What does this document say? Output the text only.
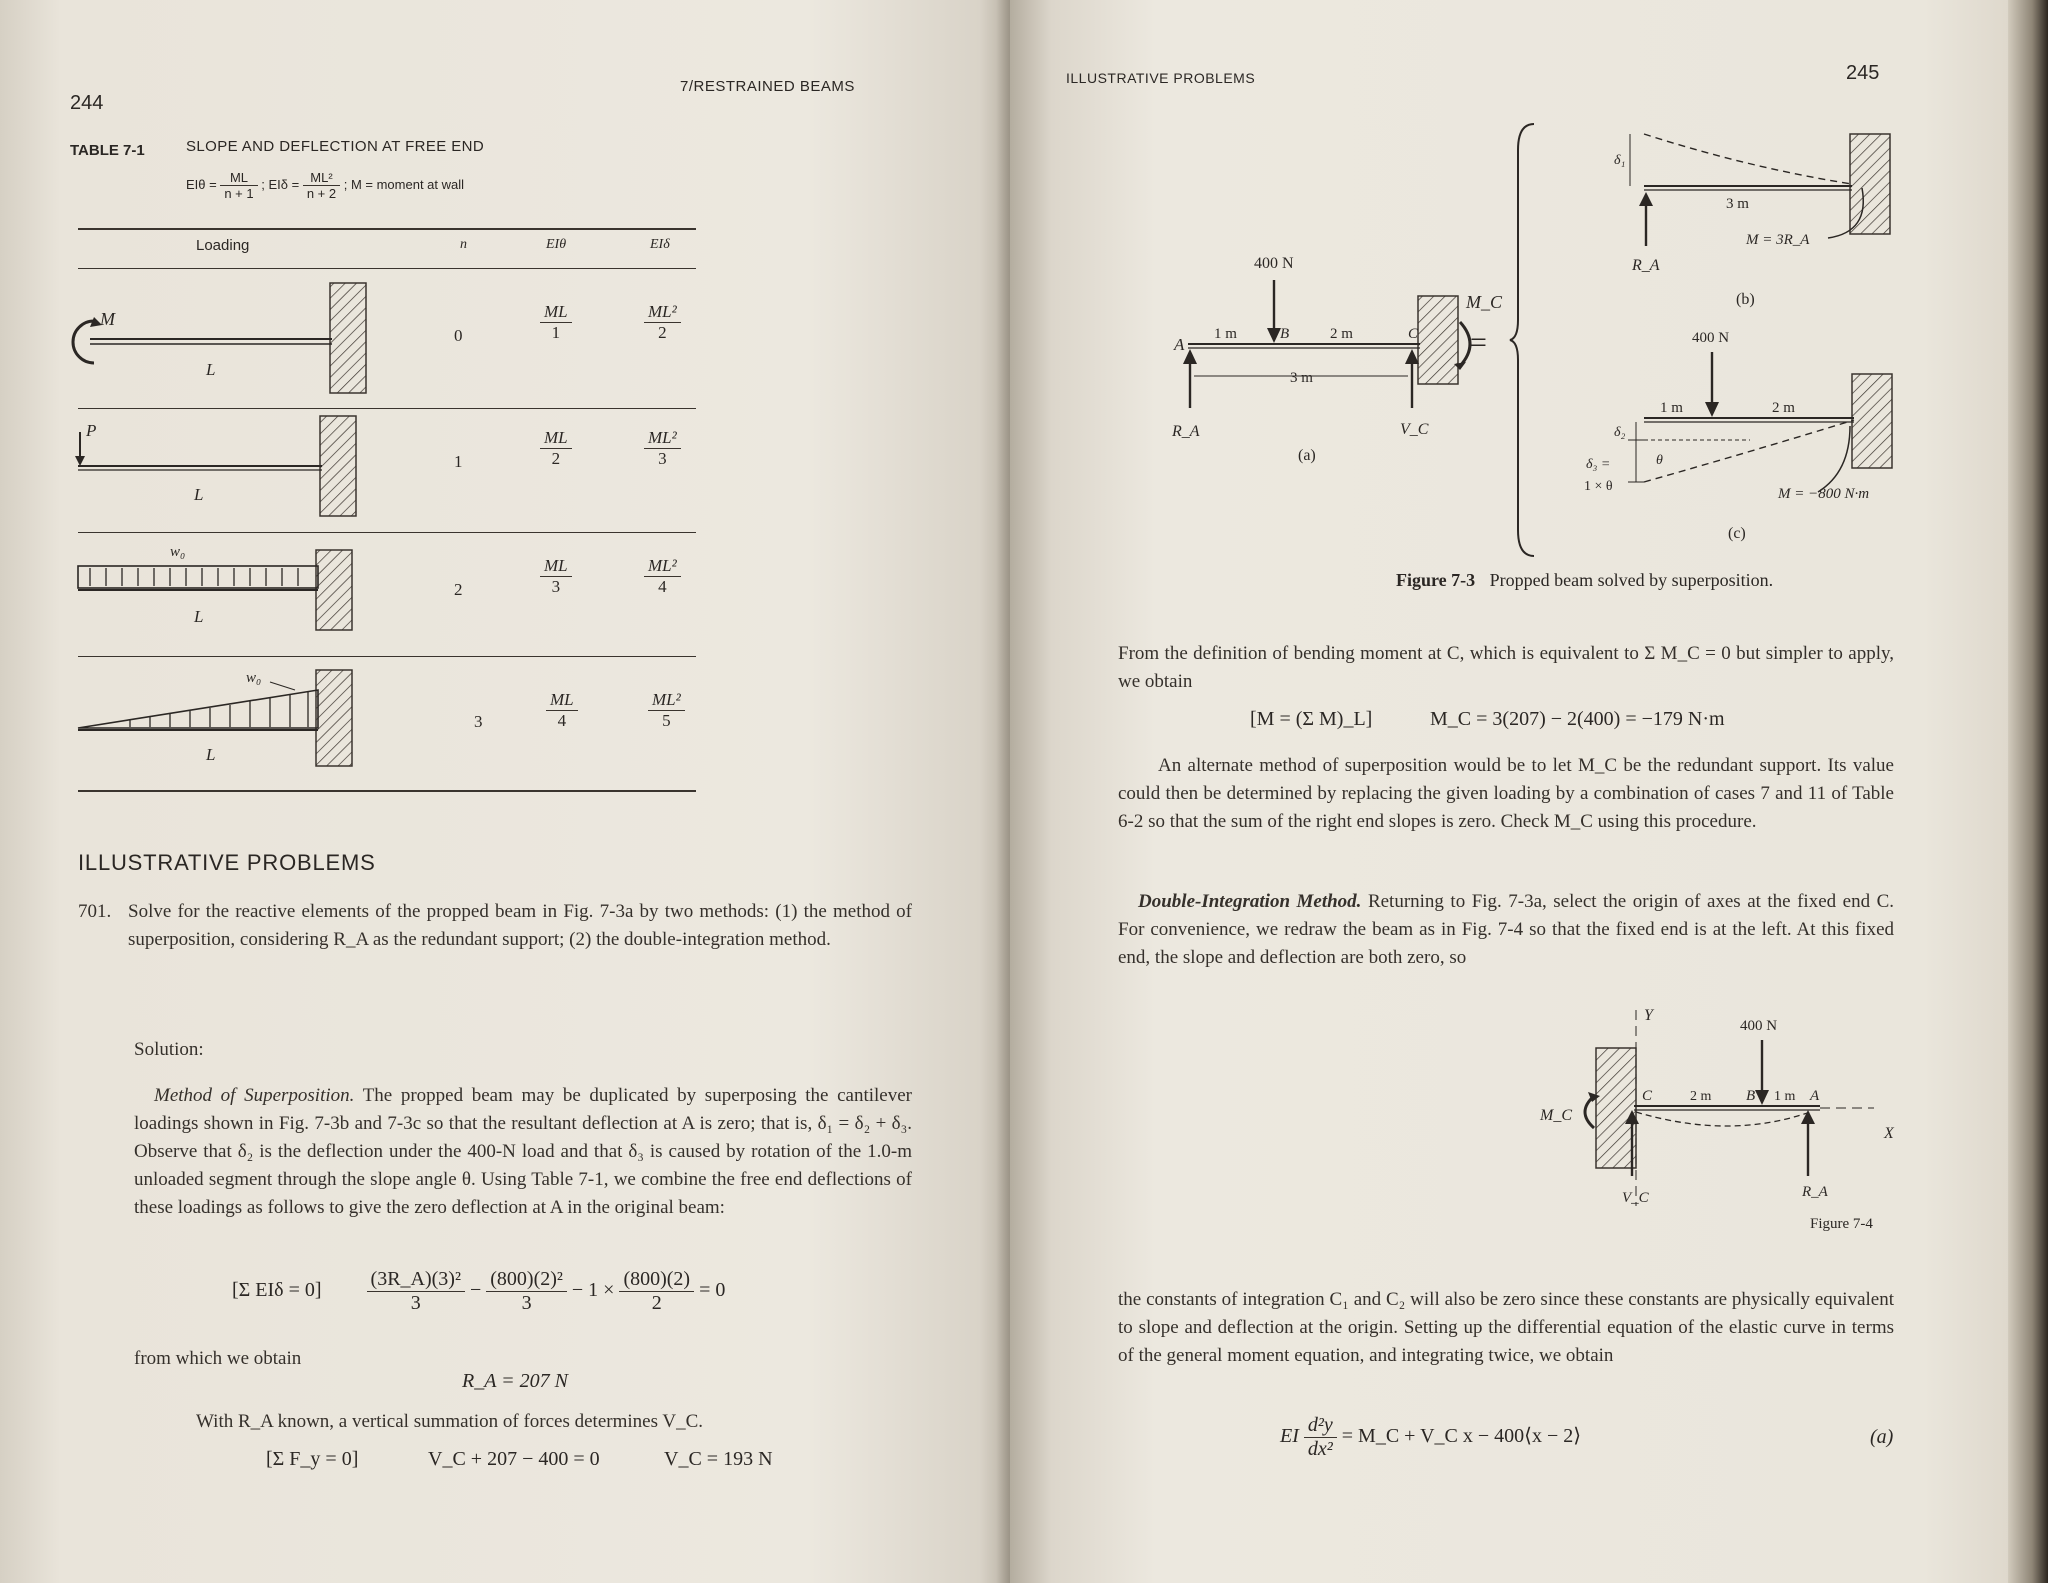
244
7/RESTRAINED BEAMS
TABLE 7-1	SLOPE AND DEFLECTION AT FREE END
$EI\theta = \frac{ML}{n + 1}$ ; $EI\delta = \frac{\text{ML²}}{n + 2}$ ; M = moment at wall
Loading	n	EIθ	EIδ
M
L
P
L
w₀
L
w₀
L
0	$\frac{ML}{1}$	$\frac{\text{ML²}}{2}$
1	$\frac{ML}{2}$	$\frac{\text{ML²}}{3}$
2	$\frac{ML}{3}$	$\frac{\text{ML²}}{4}$
3	$\frac{ML}{4}$	$\frac{\text{ML²}}{5}$
ILLUSTRATIVE PROBLEMS
701. Solve for the reactive elements of the propped beam in Fig. 7-3a by two methods: (1) the method of superposition, considering R_A as the redundant support; (2) the double-integration method.
Solution:
Method of Superposition. The propped beam may be duplicated by superposing the cantilever loadings shown in Fig. 7-3b and 7-3c so that the resultant deflection at A is zero; that is, δ₁ = δ₂ + δ₃. Observe that δ₂ is the deflection under the 400-N load and that δ₃ is caused by rotation of the 1.0-m unloaded segment through the slope angle θ. Using Table 7-1, we combine the free end deflections of these loadings as follows to give the zero deflection at A in the original beam:
[Σ $EI\delta = 0] \frac{\text{(3R\_A)(3)²}}{3} - \frac{\text{(800)(2)²}}{3} - 1 \times \frac{(800)(2)}{2} = 0$
from which we obtain
R_A = 207 N
With R_A known, a vertical summation of forces determines V_C.
[Σ F_y = 0]	V_C + 207 − 400 = 0	V_C = 193 N
ILLUSTRATIVE PROBLEMS	245
400 N
A
B	C
1 m	2 m
3 m
M_C
R_A	V_C
(a)
=
δ₁
3 m
M = 3R_A
R_A
(b)
400 N
1 m	2 m
δ₂
δ₃ =
1 × θ
θ
M = −800 N·m
(c)
Figure 7-3 Propped beam solved by superposition.
From the definition of bending moment at C, which is equivalent to Σ M_C = 0 but simpler to apply, we obtain
[M = (Σ M)_L]	M_C = 3(207) − 2(400) = −179 N·m
An alternate method of superposition would be to let M_C be the redundant support. Its value could then be determined by replacing the given loading by a combination of cases 7 and 11 of Table 6-2 so that the sum of the right end slopes is zero. Check M_C using this procedure.
Double-Integration Method. Returning to Fig. 7-3a, select the origin of axes at the fixed end C. For convenience, we redraw the beam as in Fig. 7-4 so that the fixed end is at the left. At this fixed end, the slope and deflection are both zero, so
Y
X
400 N
M_C
C	B	A
2 m	1 m
V_C	R_A
Figure 7-4
the constants of integration C₁ and C₂ will also be zero since these constants are physically equivalent to slope and deflection at the origin. Setting up the differential equation of the elastic curve in terms of the general moment equation, and integrating twice, we obtain
EI $\frac{\text{d²y}}{\text{dx²}}$ = M_C + V_C x − 400⟨x − 2⟩	(a)
